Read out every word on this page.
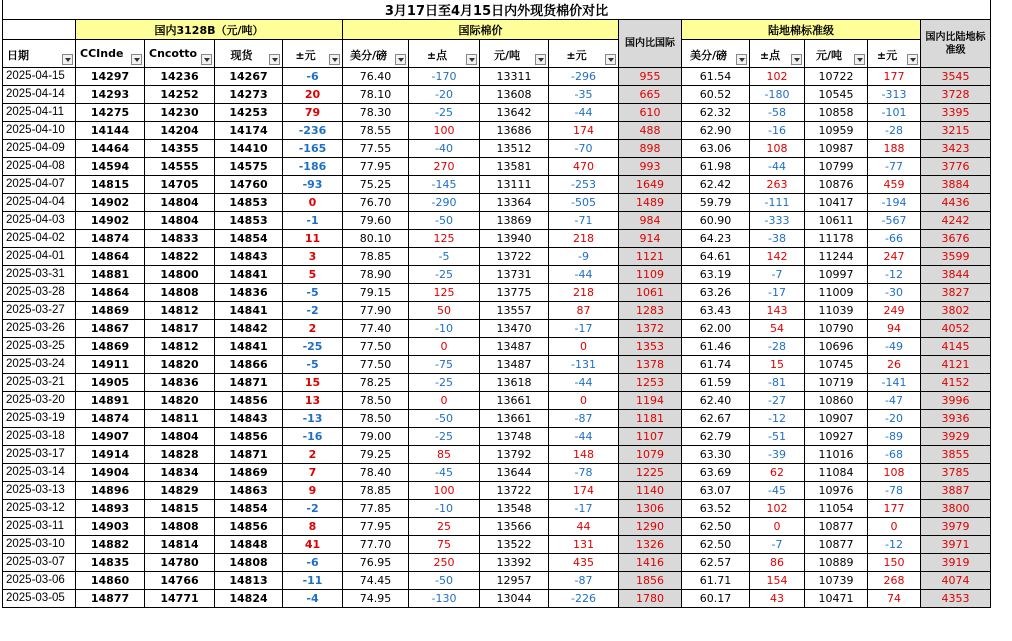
3月17日至4月15日内外现货棉价对比														
	国内3128B（元/吨）				国际棉价				国内比国际	陆地棉标准级				国内比陆地标准级

日期	CCInde	Cncotto	现货	±元	美分/磅	±点	元/吨	±元		美分/磅	±点	元/吨	±元	

2025-04-15	14297	14236	14267	-6	76.40	-170	13311	-296	955	61.54	102	10722	177	3545
2025-04-14	14293	14252	14273	20	78.10	-20	13608	-35	665	60.52	-180	10545	-313	3728
2025-04-11	14275	14230	14253	79	78.30	-25	13642	-44	610	62.32	-58	10858	-101	3395
2025-04-10	14144	14204	14174	-236	78.55	100	13686	174	488	62.90	-16	10959	-28	3215
2025-04-09	14464	14355	14410	-165	77.55	-40	13512	-70	898	63.06	108	10987	188	3423
2025-04-08	14594	14555	14575	-186	77.95	270	13581	470	993	61.98	-44	10799	-77	3776
2025-04-07	14815	14705	14760	-93	75.25	-145	13111	-253	1649	62.42	263	10876	459	3884
2025-04-04	14902	14804	14853	0	76.70	-290	13364	-505	1489	59.79	-111	10417	-194	4436
2025-04-03	14902	14804	14853	-1	79.60	-50	13869	-71	984	60.90	-333	10611	-567	4242
2025-04-02	14874	14833	14854	11	80.10	125	13940	218	914	64.23	-38	11178	-66	3676
2025-04-01	14864	14822	14843	3	78.85	-5	13722	-9	1121	64.61	142	11244	247	3599
2025-03-31	14881	14800	14841	5	78.90	-25	13731	-44	1109	63.19	-7	10997	-12	3844
2025-03-28	14864	14808	14836	-5	79.15	125	13775	218	1061	63.26	-17	11009	-30	3827
2025-03-27	14869	14812	14841	-2	77.90	50	13557	87	1283	63.43	143	11039	249	3802
2025-03-26	14867	14817	14842	2	77.40	-10	13470	-17	1372	62.00	54	10790	94	4052
2025-03-25	14869	14812	14841	-25	77.50	0	13487	0	1353	61.46	-28	10696	-49	4145
2025-03-24	14911	14820	14866	-5	77.50	-75	13487	-131	1378	61.74	15	10745	26	4121
2025-03-21	14905	14836	14871	15	78.25	-25	13618	-44	1253	61.59	-81	10719	-141	4152
2025-03-20	14891	14820	14856	13	78.50	0	13661	0	1194	62.40	-27	10860	-47	3996
2025-03-19	14874	14811	14843	-13	78.50	-50	13661	-87	1181	62.67	-12	10907	-20	3936
2025-03-18	14907	14804	14856	-16	79.00	-25	13748	-44	1107	62.79	-51	10927	-89	3929
2025-03-17	14914	14828	14871	2	79.25	85	13792	148	1079	63.30	-39	11016	-68	3855
2025-03-14	14904	14834	14869	7	78.40	-45	13644	-78	1225	63.69	62	11084	108	3785
2025-03-13	14896	14829	14863	9	78.85	100	13722	174	1140	63.07	-45	10976	-78	3887
2025-03-12	14893	14815	14854	-2	77.85	-10	13548	-17	1306	63.52	102	11054	177	3800
2025-03-11	14903	14808	14856	8	77.95	25	13566	44	1290	62.50	0	10877	0	3979
2025-03-10	14882	14814	14848	41	77.70	75	13522	131	1326	62.50	-7	10877	-12	3971
2025-03-07	14835	14780	14808	-6	76.95	250	13392	435	1416	62.57	86	10889	150	3919
2025-03-06	14860	14766	14813	-11	74.45	-50	12957	-87	1856	61.71	154	10739	268	4074
2025-03-05	14877	14771	14824	-4	74.95	-130	13044	-226	1780	60.17	43	10471	74	4353
